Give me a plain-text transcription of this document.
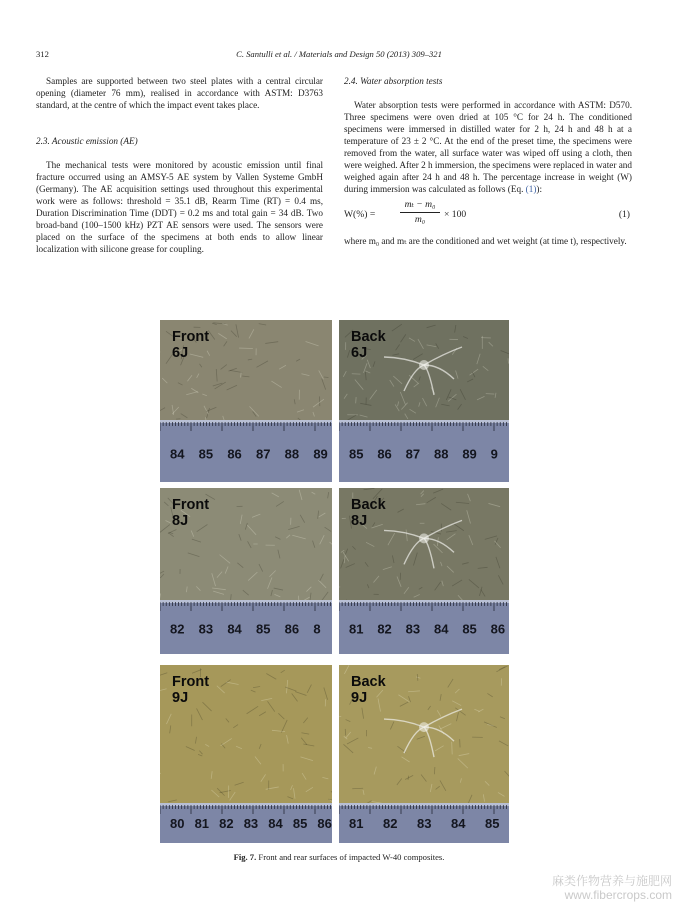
312	C. Santulli et al. / Materials and Design 50 (2013) 309–321

Samples are supported between two steel plates with a central circular opening (diameter 76 mm), realised in accordance with ASTM: D3763 standard, at the centre of which the impact event takes place.

2.3. Acoustic emission (AE)

The mechanical tests were monitored by acoustic emission until final fracture occurred using an AMSY-5 AE system by Vallen Systeme GmbH (Germany). The AE acquisition settings used throughout this experimental work were as follows: threshold = 35.1 dB, Rearm Time (RT) = 0.4 ms, Duration Discrimination Time (DDT) = 0.2 ms and total gain = 34 dB. Two broad-band (100–1500 kHz) PZT AE sensors were used. The sensors were placed on the surface of the specimens at both ends to allow linear localization with silicone grease for coupling.

2.4. Water absorption tests

Water absorption tests were performed in accordance with ASTM: D570. Three specimens were oven dried at 105 °C for 24 h. The conditioned specimens were immersed in distilled water for 2 h, 24 h and 48 h at a temperature of 23 ± 2 °C. At the end of the preset time, the specimens were removed from the water, all surface water was wiped off using a cloth, then were weighed. After 2 h immersion, the specimens were replaced in water and weighed again after 24 h and 48 h. The percentage increase in weight (W) during immersion was calculated as follows (Eq. (1)):

W(%) =	$\frac{\text{mₜ − m₀}}{\text{m₀}} \times 100$	(1)

where m₀ and mₜ are the conditioned and wet weight (at time t), respectively.

84 85 86 87 88 89
Front
6J
85 86 87 88 89 9
Back
6J
82 83 84 85 86 8
Front
8J
81 82 83 84 85 86
Back
8J
80 81 82 83 84 85 86
Front
9J
81 82 83 84 85
Back
9J
Fig. 7. Front and rear surfaces of impacted W-40 composites.
麻类作物营养与施肥网
www.fibercrops.com
